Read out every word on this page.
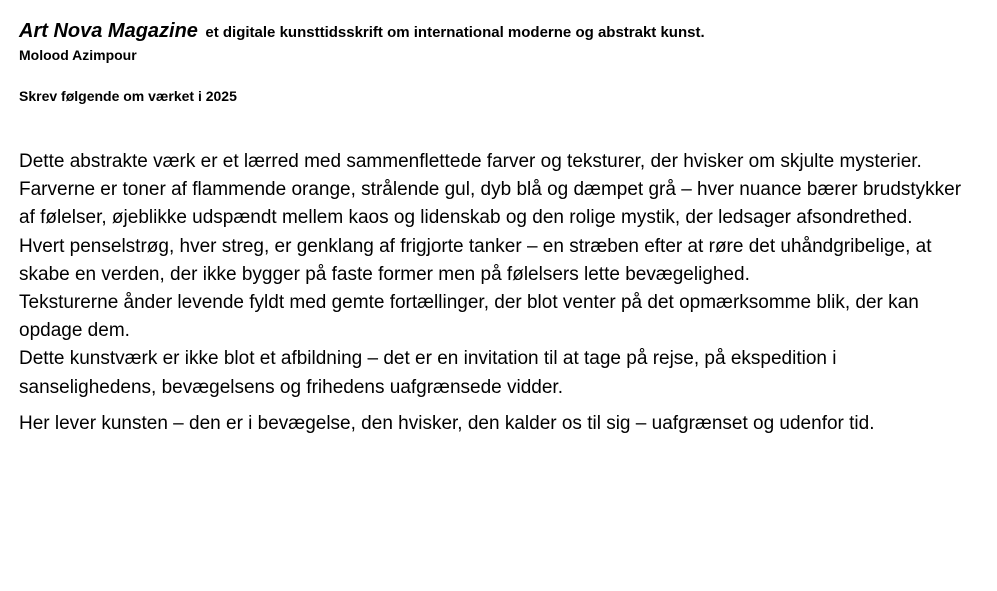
Art Nova Magazine et digitale kunsttidsskrift om international moderne og abstrakt kunst.

Molood Azimpour

Skrev følgende om værket i 2025

Dette abstrakte værk er et lærred med sammenflettede farver og teksturer, der hvisker om skjulte mysterier.

Farverne er toner af flammende orange, strålende gul, dyb blå og dæmpet grå – hver nuance bærer brudstykker af følelser, øjeblikke udspændt mellem kaos og lidenskab og den rolige mystik, der ledsager afsondrethed.

Hvert penselstrøg, hver streg, er genklang af frigjorte tanker – en stræben efter at røre det uhåndgribelige, at skabe en verden, der ikke bygger på faste former men på følelsers lette bevægelighed.

Teksturerne ånder levende fyldt med gemte fortællinger, der blot venter på det opmærksomme blik, der kan opdage dem.

Dette kunstværk er ikke blot et afbildning – det er en invitation til at tage på rejse, på ekspedition i sanselighedens, bevægelsens og frihedens uafgrænsede vidder.

Her lever kunsten – den er i bevægelse, den hvisker, den kalder os til sig – uafgrænset og udenfor tid.
